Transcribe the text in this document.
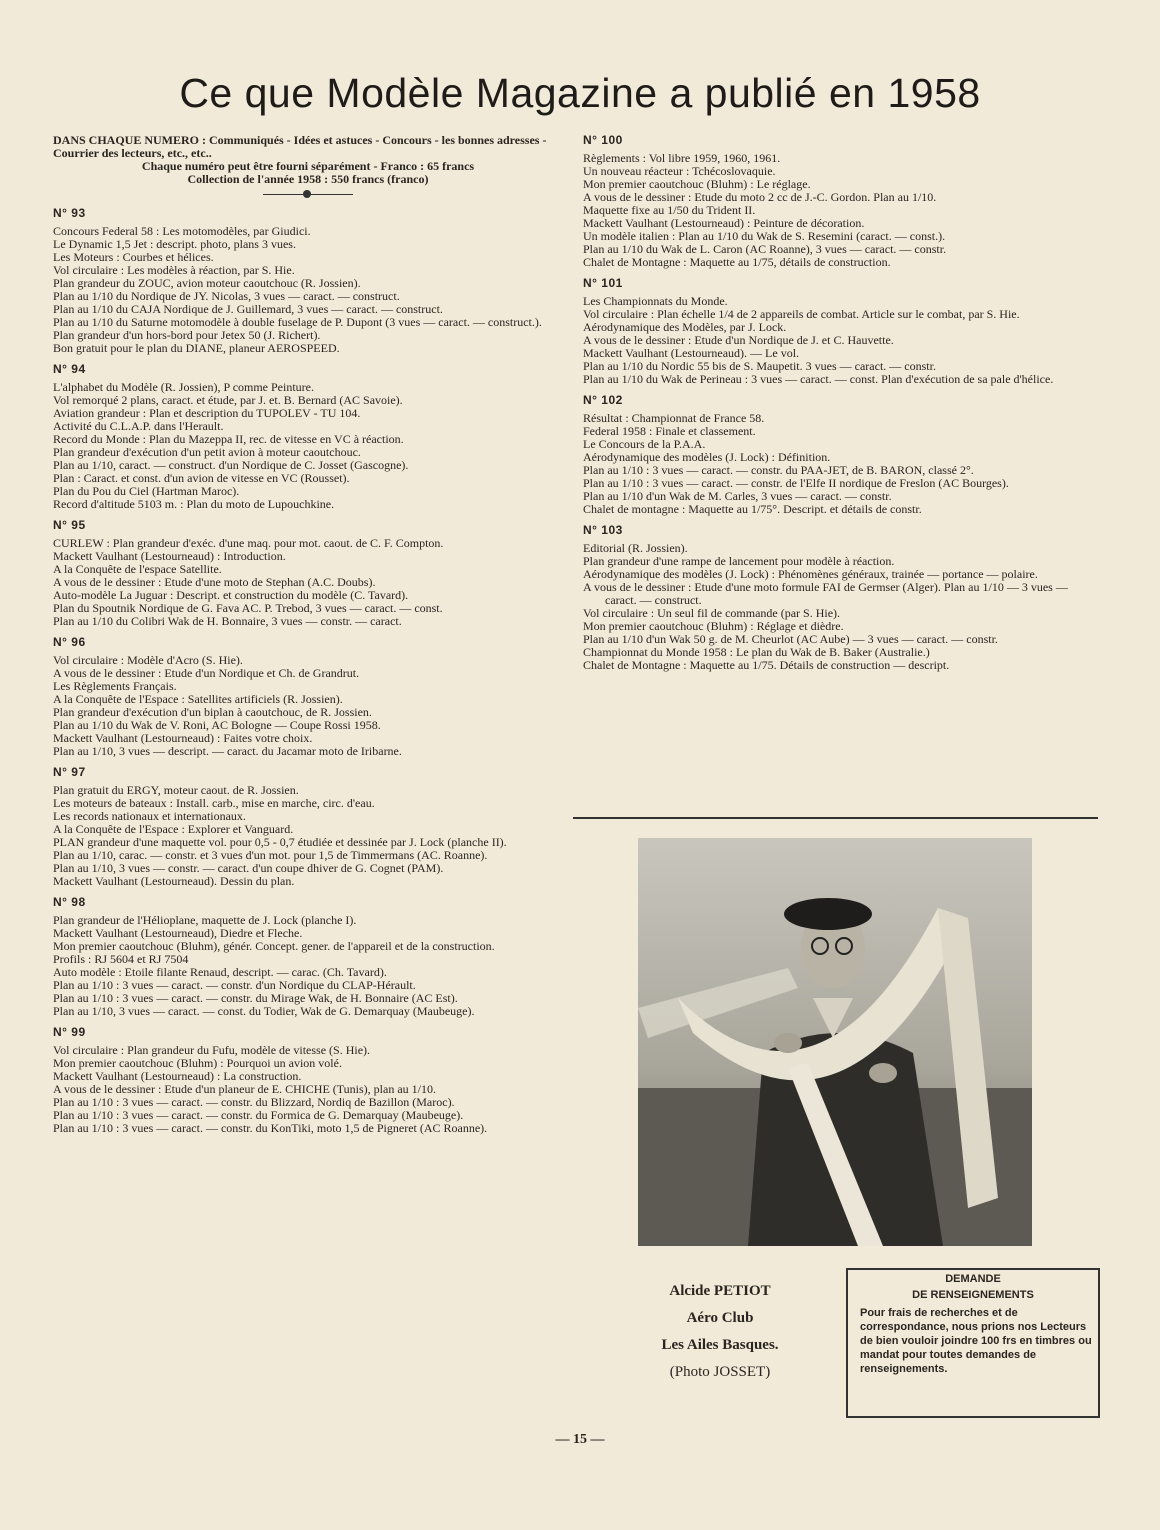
Ce que Modèle Magazine a publié en 1958
DANS CHAQUE NUMERO : Communiqués - Idées et astuces - Concours - les bonnes adresses - Courrier des lecteurs, etc., etc..
Chaque numéro peut être fourni séparément - Franco : 65 francs
Collection de l'année 1958 : 550 francs (franco)
N° 93
Concours Federal 58 : Les motomodèles, par Giudici.
Le Dynamic 1,5 Jet : descript. photo, plans 3 vues.
Les Moteurs : Courbes et hélices.
Vol circulaire : Les modèles à réaction, par S. Hie.
Plan grandeur du ZOUC, avion moteur caoutchouc (R. Jossien).
Plan au 1/10 du Nordique de JY. Nicolas, 3 vues — caract. — construct.
Plan au 1/10 du CAJA Nordique de J. Guillemard, 3 vues — caract. — construct.
Plan au 1/10 du Saturne motomodèle à double fuselage de P. Dupont (3 vues — caract. — construct.).
Plan grandeur d'un hors-bord pour Jetex 50 (J. Richert).
Bon gratuit pour le plan du DIANE, planeur AEROSPEED.
N° 94
L'alphabet du Modèle (R. Jossien), P comme Peinture.
Vol remorqué 2 plans, caract. et étude, par J. et. B. Bernard (AC Savoie).
Aviation grandeur : Plan et description du TUPOLEV - TU 104.
Activité du C.L.A.P. dans l'Herault.
Record du Monde : Plan du Mazeppa II, rec. de vitesse en VC à réaction.
Plan grandeur d'exécution d'un petit avion à moteur caoutchouc.
Plan au 1/10, caract. — construct. d'un Nordique de C. Josset (Gascogne).
Plan : Caract. et const. d'un avion de vitesse en VC (Rousset).
Plan du Pou du Ciel (Hartman Maroc).
Record d'altitude 5103 m. : Plan du moto de Lupouchkine.
N° 95
CURLEW : Plan grandeur d'exéc. d'une maq. pour mot. caout. de C. F. Compton.
Mackett Vaulhant (Lestourneaud) : Introduction.
A la Conquête de l'espace Satellite.
A vous de le dessiner : Etude d'une moto de Stephan (A.C. Doubs).
Auto-modèle La Juguar : Descript. et construction du modèle (C. Tavard).
Plan du Spoutnik Nordique de G. Fava AC. P. Trebod, 3 vues — caract. — const.
Plan au 1/10 du Colibri Wak de H. Bonnaire, 3 vues — constr. — caract.
N° 96
Vol circulaire : Modèle d'Acro (S. Hie).
A vous de le dessiner : Etude d'un Nordique et Ch. de Grandrut.
Les Règlements Français.
A la Conquête de l'Espace : Satellites artificiels (R. Jossien).
Plan grandeur d'exécution d'un biplan à caoutchouc, de R. Jossien.
Plan au 1/10 du Wak de V. Roni, AC Bologne — Coupe Rossi 1958.
Mackett Vaulhant (Lestourneaud) : Faites votre choix.
Plan au 1/10, 3 vues — descript. — caract. du Jacamar moto de Iribarne.
N° 97
Plan gratuit du ERGY, moteur caout. de R. Jossien.
Les moteurs de bateaux : Install. carb., mise en marche, circ. d'eau.
Les records nationaux et internationaux.
A la Conquête de l'Espace : Explorer et Vanguard.
PLAN grandeur d'une maquette vol. pour 0,5 - 0,7 étudiée et dessinée par J. Lock (planche II).
Plan au 1/10, carac. — constr. et 3 vues d'un mot. pour 1,5 de Timmermans (AC. Roanne).
Plan au 1/10, 3 vues — constr. — caract. d'un coupe dhiver de G. Cognet (PAM).
Mackett Vaulhant (Lestourneaud). Dessin du plan.
N° 98
Plan grandeur de l'Hélioplane, maquette de J. Lock (planche I).
Mackett Vaulhant (Lestourneaud), Diedre et Fleche.
Mon premier caoutchouc (Bluhm), génér. Concept. gener. de l'appareil et de la construction.
Profils : RJ 5604 et RJ 7504
Auto modèle : Etoile filante Renaud, descript. — carac. (Ch. Tavard).
Plan au 1/10 : 3 vues — caract. — constr. d'un Nordique du CLAP-Hérault.
Plan au 1/10 : 3 vues — caract. — constr. du Mirage Wak, de H. Bonnaire (AC Est).
Plan au 1/10, 3 vues — caract. — const. du Todier, Wak de G. Demarquay (Maubeuge).
N° 99
Vol circulaire : Plan grandeur du Fufu, modèle de vitesse (S. Hie).
Mon premier caoutchouc (Bluhm) : Pourquoi un avion volé.
Mackett Vaulhant (Lestourneaud) : La construction.
A vous de le dessiner : Etude d'un planeur de E. CHICHE (Tunis), plan au 1/10.
Plan au 1/10 : 3 vues — caract. — constr. du Blizzard, Nordiq de Bazillon (Maroc).
Plan au 1/10 : 3 vues — caract. — constr. du Formica de G. Demarquay (Maubeuge).
Plan au 1/10 : 3 vues — caract. — constr. du KonTiki, moto 1,5 de Pigneret (AC Roanne).
N° 100
Règlements : Vol libre 1959, 1960, 1961.
Un nouveau réacteur : Tchécoslovaquie.
Mon premier caoutchouc (Bluhm) : Le réglage.
A vous de le dessiner : Etude du moto 2 cc de J.-C. Gordon. Plan au 1/10.
Maquette fixe au 1/50 du Trident II.
Mackett Vaulhant (Lestourneaud) : Peinture de décoration.
Un modèle italien : Plan au 1/10 du Wak de S. Resemini (caract. — const.).
Plan au 1/10 du Wak de L. Caron (AC Roanne), 3 vues — caract. — constr.
Chalet de Montagne : Maquette au 1/75, détails de construction.
N° 101
Les Championnats du Monde.
Vol circulaire : Plan échelle 1/4 de 2 appareils de combat. Article sur le combat, par S. Hie.
Aérodynamique des Modèles, par J. Lock.
A vous de le dessiner : Etude d'un Nordique de J. et C. Hauvette.
Mackett Vaulhant (Lestourneaud). — Le vol.
Plan au 1/10 du Nordic 55 bis de S. Maupetit. 3 vues — caract. — constr.
Plan au 1/10 du Wak de Perineau : 3 vues — caract. — const. Plan d'exécution de sa pale d'hélice.
N° 102
Résultat : Championnat de France 58.
Federal 1958 : Finale et classement.
Le Concours de la P.A.A.
Aérodynamique des modèles (J. Lock) : Définition.
Plan au 1/10 : 3 vues — caract. — constr. du PAA-JET, de B. BARON, classé 2°.
Plan au 1/10 : 3 vues — caract. — constr. de l'Elfe II nordique de Freslon (AC Bourges).
Plan au 1/10 d'un Wak de M. Carles, 3 vues — caract. — constr.
Chalet de montagne : Maquette au 1/75°. Descript. et détails de constr.
N° 103
Editorial (R. Jossien).
Plan grandeur d'une rampe de lancement pour modèle à réaction.
Aérodynamique des modèles (J. Lock) : Phénomènes généraux, trainée — portance — polaire.
A vous de le dessiner : Etude d'une moto formule FAI de Germser (Alger). Plan au 1/10 — 3 vues — caract. — construct.
Vol circulaire : Un seul fil de commande (par S. Hie).
Mon premier caoutchouc (Bluhm) : Réglage et dièdre.
Plan au 1/10 d'un Wak 50 g. de M. Cheurlot (AC Aube) — 3 vues — caract. — constr.
Championnat du Monde 1958 : Le plan du Wak de B. Baker (Australie.)
Chalet de Montagne : Maquette au 1/75. Détails de construction — descript.
Alcide PETIOT
Aéro Club
Les Ailes Basques.
(Photo JOSSET)
DEMANDE
DE RENSEIGNEMENTS
Pour frais de recherches et de correspondance, nous prions nos Lecteurs de bien vouloir joindre 100 frs en timbres ou mandat pour toutes demandes de renseignements.
— 15 —
